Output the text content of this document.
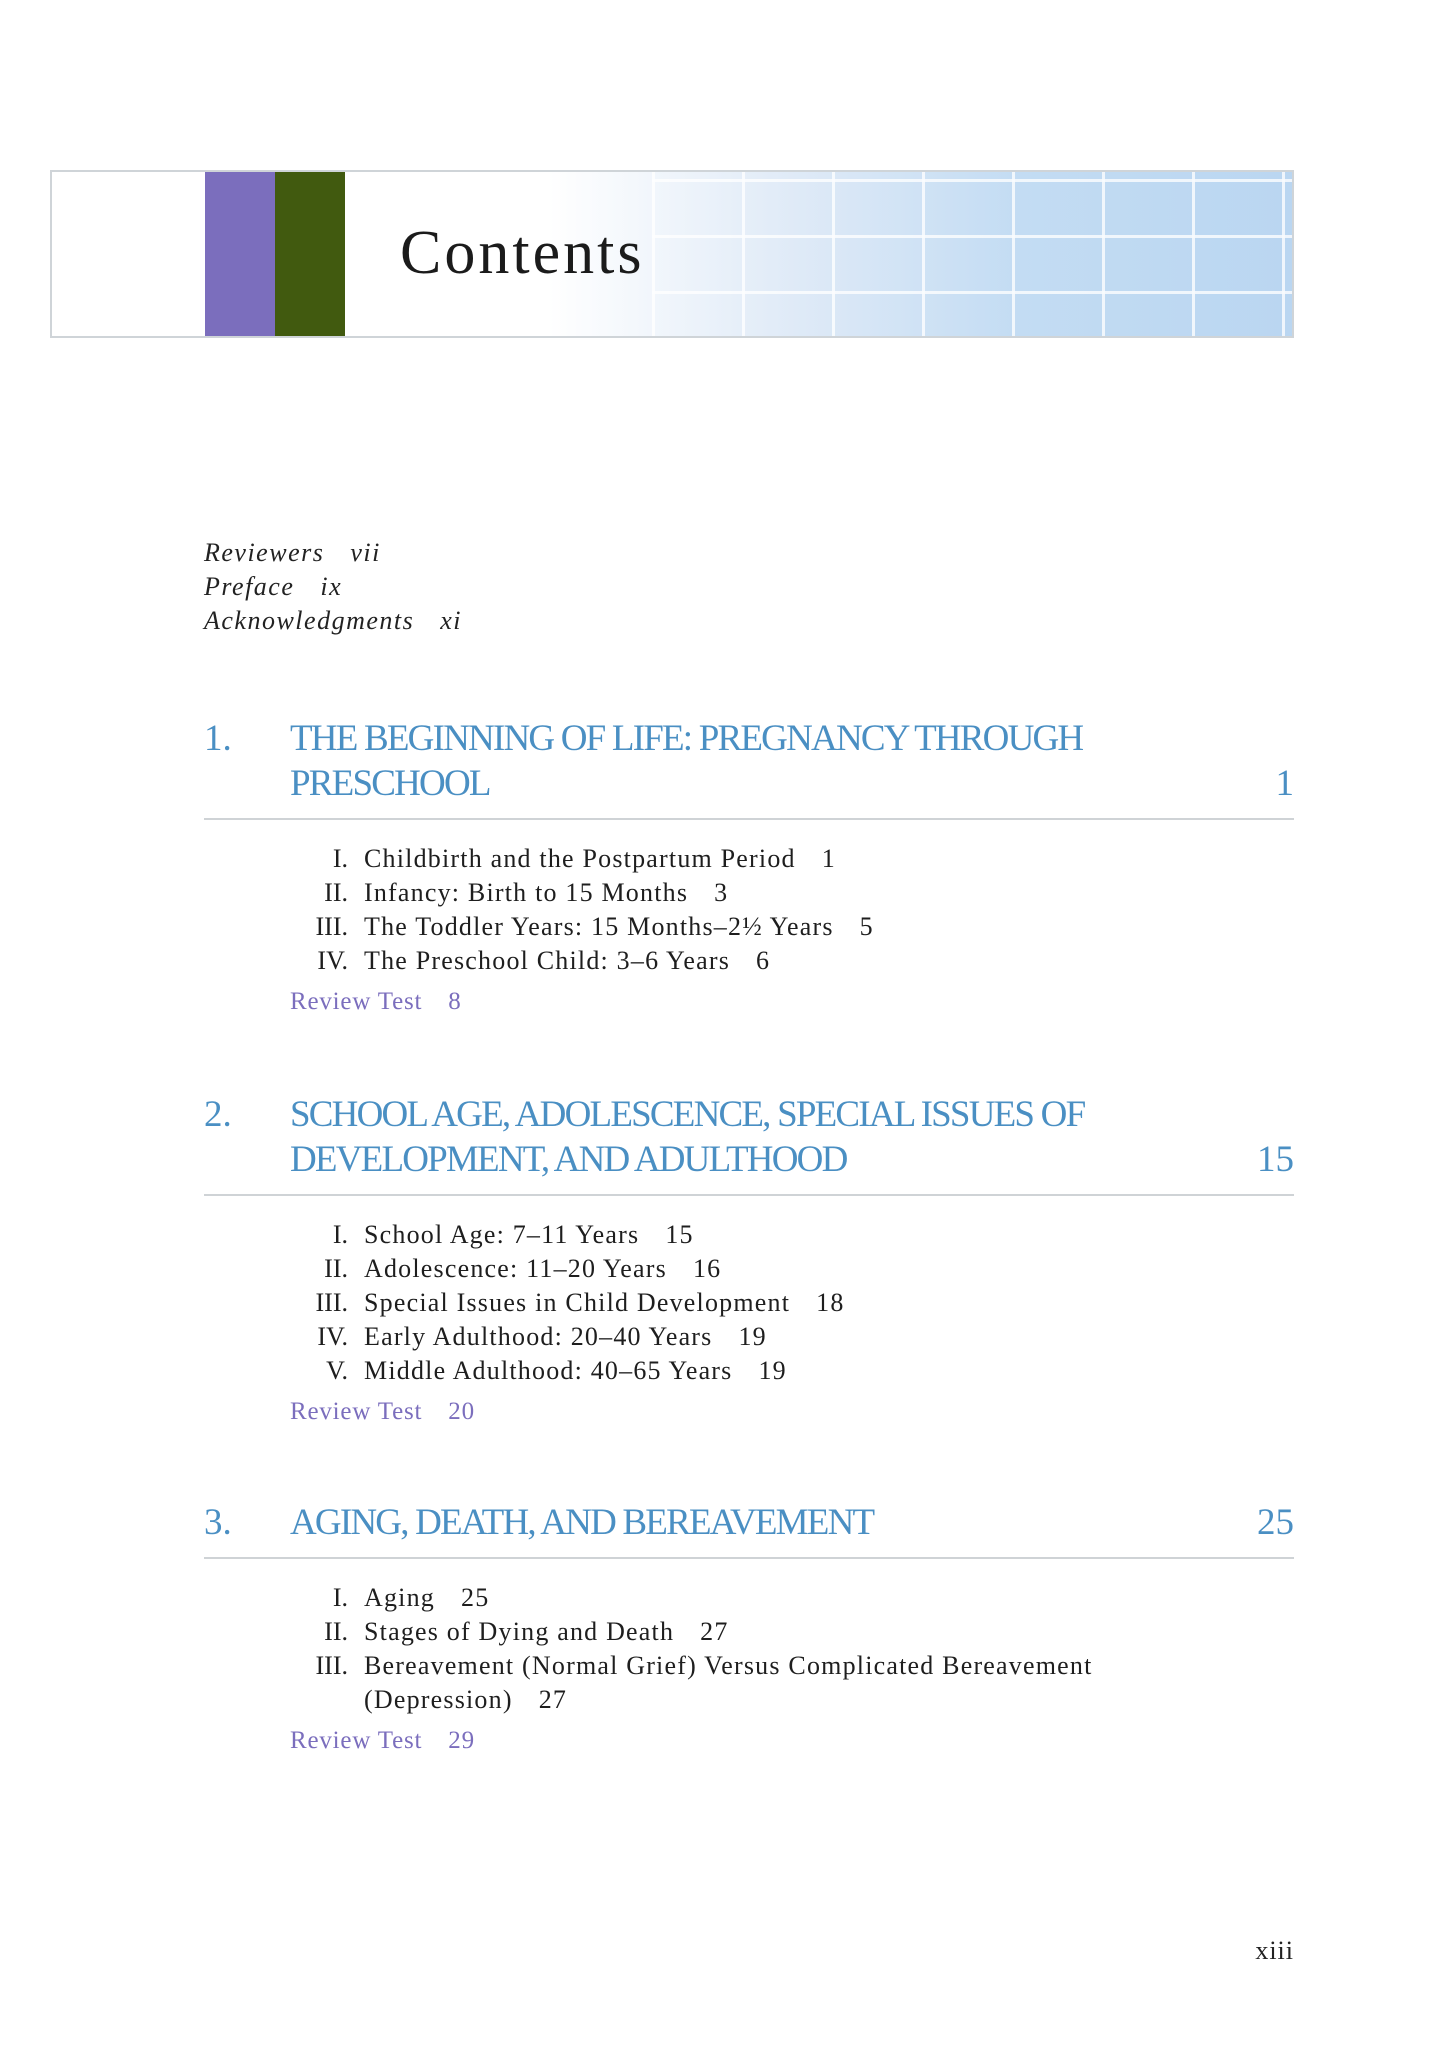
Contents
Reviewers vii
Preface ix
Acknowledgments xi
1. THE BEGINNING OF LIFE: PREGNANCY THROUGH
PRESCHOOL	1
I. Childbirth and the Postpartum Period 1
II. Infancy: Birth to 15 Months 3
III. The Toddler Years: 15 Months–2½ Years 5
IV. The Preschool Child: 3–6 Years 6
Review Test 8
2. SCHOOL AGE, ADOLESCENCE, SPECIAL ISSUES OF
DEVELOPMENT, AND ADULTHOOD	15
I. School Age: 7–11 Years 15
II. Adolescence: 11–20 Years 16
III. Special Issues in Child Development 18
IV. Early Adulthood: 20–40 Years 19
V. Middle Adulthood: 40–65 Years 19
Review Test 20
3. AGING, DEATH, AND BEREAVEMENT	25
I. Aging 25
II. Stages of Dying and Death 27
III. Bereavement (Normal Grief) Versus Complicated Bereavement
(Depression) 27
Review Test 29
xiii
